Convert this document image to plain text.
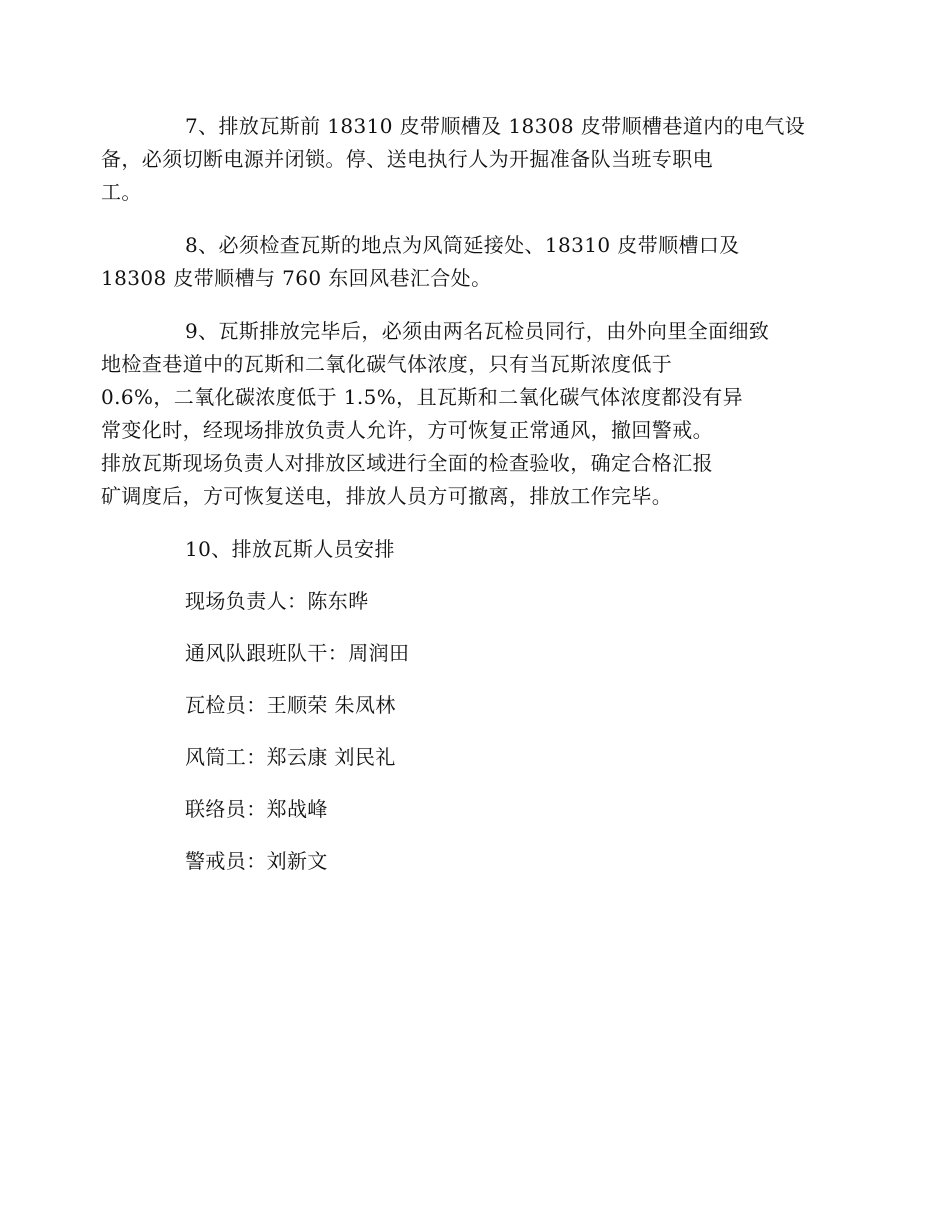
7、排放瓦斯前 18310 皮带顺槽及 18308 皮带顺槽巷道内的电气设
备，必须切断电源并闭锁。停、送电执行人为开掘准备队当班专职电
工。
8、必须检查瓦斯的地点为风筒延接处、18310 皮带顺槽口及
18308 皮带顺槽与 760 东回风巷汇合处。
9、瓦斯排放完毕后，必须由两名瓦检员同行，由外向里全面细致
地检查巷道中的瓦斯和二氧化碳气体浓度，只有当瓦斯浓度低于
0.6%，二氧化碳浓度低于 1.5%，且瓦斯和二氧化碳气体浓度都没有异
常变化时，经现场排放负责人允许，方可恢复正常通风，撤回警戒。
排放瓦斯现场负责人对排放区域进行全面的检查验收，确定合格汇报
矿调度后，方可恢复送电，排放人员方可撤离，排放工作完毕。
10、排放瓦斯人员安排
现场负责人：陈东晔
通风队跟班队干：周润田
瓦检员：王顺荣 朱凤林
风筒工：郑云康 刘民礼
联络员：郑战峰
警戒员：刘新文
